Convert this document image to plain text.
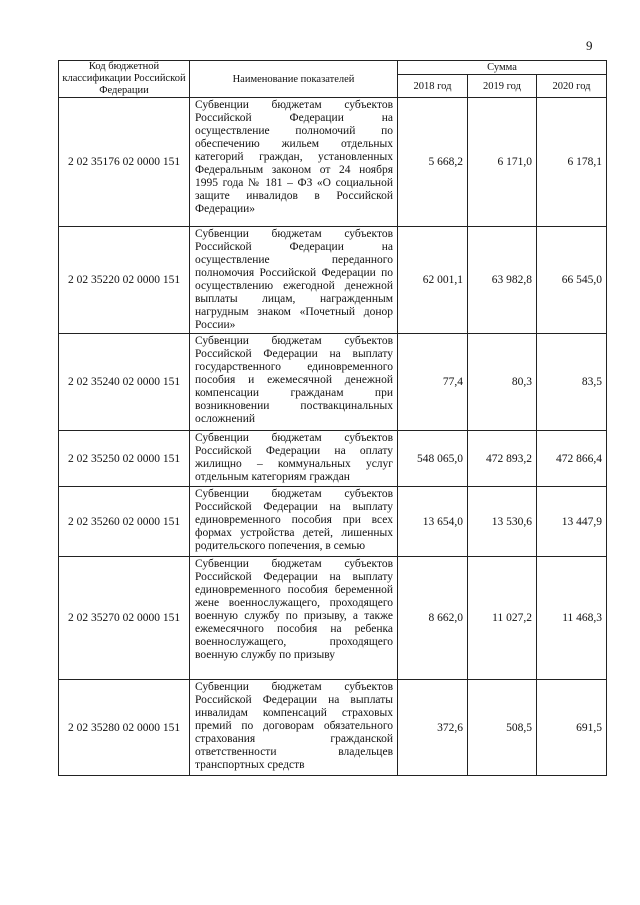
9
Код бюджетной классификации Российской Федерации	Наименование показателей	Сумма		
		2018 год	2019 год	2020 год
2 02 35176 02 0000 151	Субвенции бюджетам субъектов Российской Федерации на осуществление полномочий по обеспечению жильем отдельных категорий граждан, установленных Федеральным законом от 24 ноября 1995 года № 181 – ФЗ «О социальной защите инвалидов в Российской Федерации»	5 668,2	6 171,0	6 178,1
2 02 35220 02 0000 151	Субвенции бюджетам субъектов Российской Федерации на осуществление переданного полномочия Российской Федерации по осуществлению ежегодной денежной выплаты лицам, награжденным нагрудным знаком «Почетный донор России»	62 001,1	63 982,8	66 545,0
2 02 35240 02 0000 151	Субвенции бюджетам субъектов Российской Федерации на выплату государственного единовременного пособия и ежемесячной денежной компенсации гражданам при возникновении поствакцинальных осложнений	77,4	80,3	83,5
2 02 35250 02 0000 151	Субвенции бюджетам субъектов Российской Федерации на оплату жилищно – коммунальных услуг отдельным категориям граждан	548 065,0	472 893,2	472 866,4
2 02 35260 02 0000 151	Субвенции бюджетам субъектов Российской Федерации на выплату единовременного пособия при всех формах устройства детей, лишенных родительского попечения, в семью	13 654,0	13 530,6	13 447,9
2 02 35270 02 0000 151	Субвенции бюджетам субъектов Российской Федерации на выплату единовременного пособия беременной жене военнослужащего, проходящего военную службу по призыву, а также ежемесячного пособия на ребенка военнослужащего, проходящего военную службу по призыву	8 662,0	11 027,2	11 468,3
2 02 35280 02 0000 151	Субвенции бюджетам субъектов Российской Федерации на выплаты инвалидам компенсаций страховых премий по договорам обязательного страхования гражданской ответственности владельцев транспортных средств	372,6	508,5	691,5
